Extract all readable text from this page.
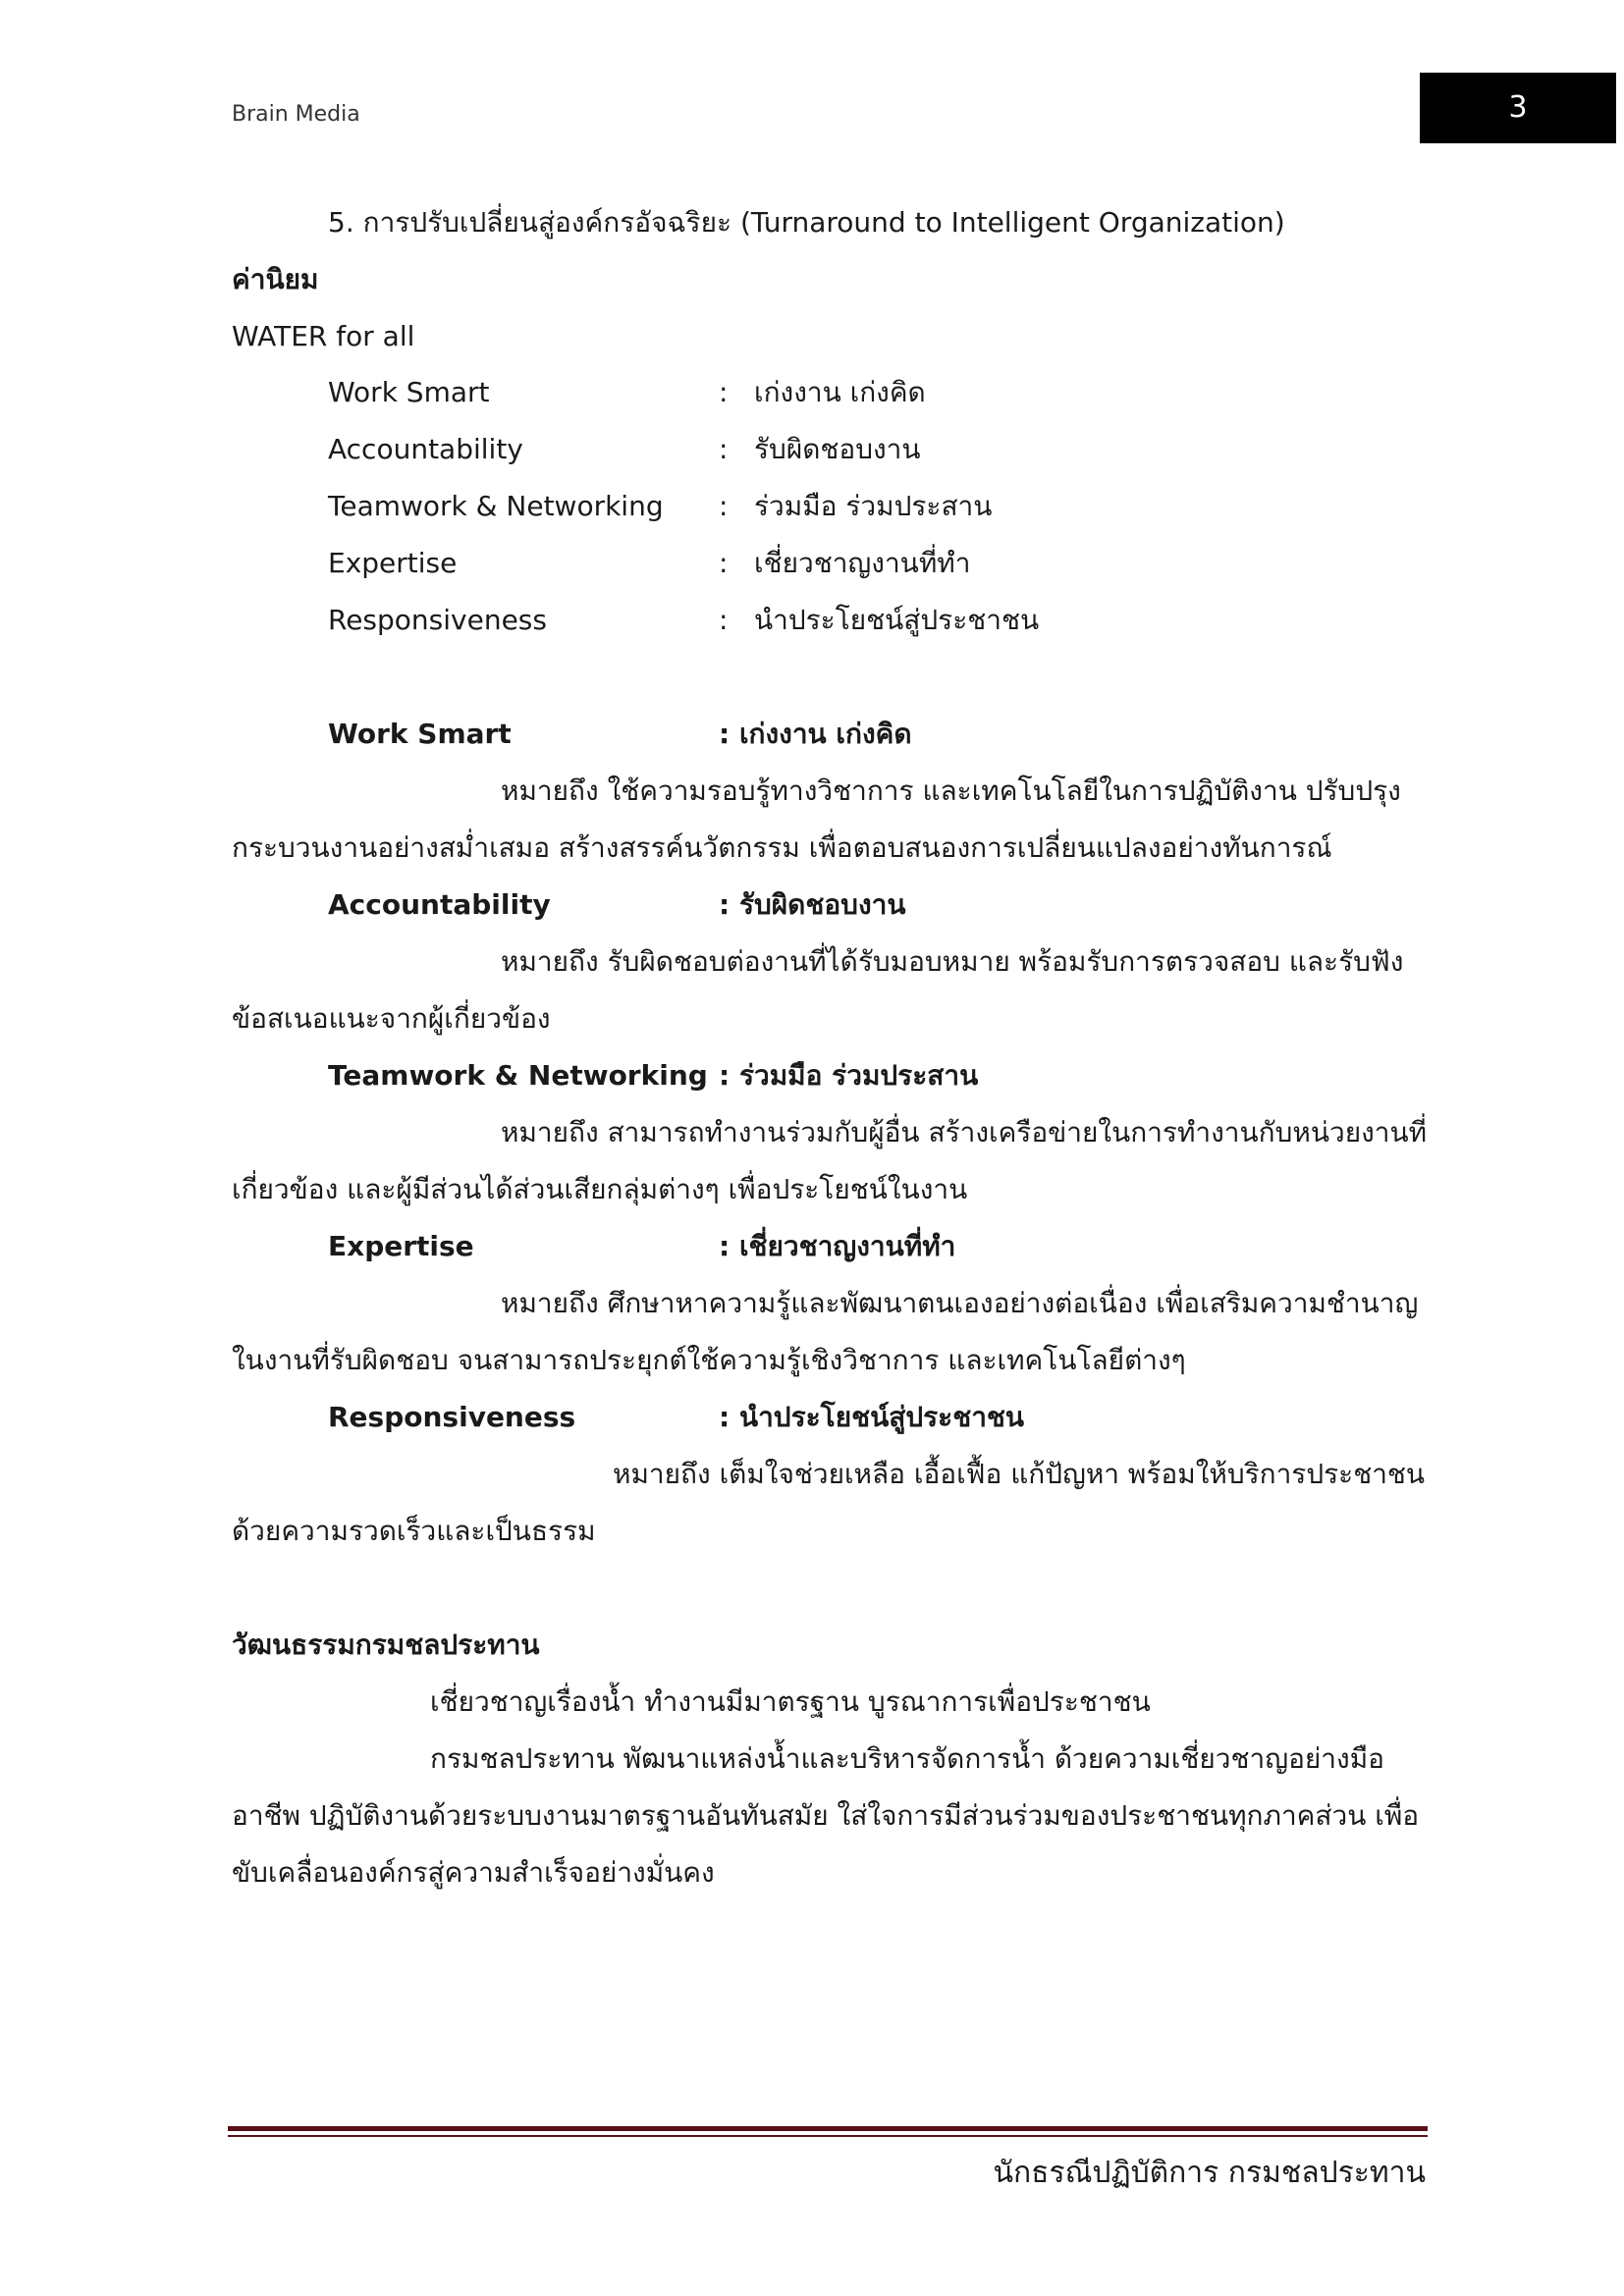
Brain Media	3
5. การปรับเปลี่ยนสู่องค์กรอัจฉริยะ (Turnaround to Intelligent Organization)
ค่านิยม
WATER for all
Work Smart	: เก่งงาน เก่งคิด
Accountability	: รับผิดชอบงาน
Teamwork & Networking : ร่วมมือ ร่วมประสาน
Expertise	: เชี่ยวชาญงานที่ทำ
Responsiveness	: นำประโยชน์สู่ประชาชน
Work Smart	: เก่งงาน เก่งคิด
หมายถึง ใช้ความรอบรู้ทางวิชาการ และเทคโนโลยีในการปฏิบัติงาน ปรับปรุง
กระบวนงานอย่างสม่ำเสมอ สร้างสรรค์นวัตกรรม เพื่อตอบสนองการเปลี่ยนแปลงอย่างทันการณ์
Accountability	: รับผิดชอบงาน
หมายถึง รับผิดชอบต่องานที่ได้รับมอบหมาย พร้อมรับการตรวจสอบ และรับฟัง
ข้อสเนอแนะจากผู้เกี่ยวข้อง
Teamwork & Networking : ร่วมมือ ร่วมประสาน
หมายถึง สามารถทำงานร่วมกับผู้อื่น สร้างเครือข่ายในการทำงานกับหน่วยงานที่
เกี่ยวข้อง และผู้มีส่วนได้ส่วนเสียกลุ่มต่างๆ เพื่อประโยชน์ในงาน
Expertise	: เชี่ยวชาญงานที่ทำ
หมายถึง ศึกษาหาความรู้และพัฒนาตนเองอย่างต่อเนื่อง เพื่อเสริมความชำนาญ
ในงานที่รับผิดชอบ จนสามารถประยุกต์ใช้ความรู้เชิงวิชาการ และเทคโนโลยีต่างๆ
Responsiveness	: นำประโยชน์สู่ประชาชน
หมายถึง เต็มใจช่วยเหลือ เอื้อเฟื้อ แก้ปัญหา พร้อมให้บริการประชาชน
ด้วยความรวดเร็วและเป็นธรรม
วัฒนธรรมกรมชลประทาน
เชี่ยวชาญเรื่องน้ำ ทำงานมีมาตรฐาน บูรณาการเพื่อประชาชน
กรมชลประทาน พัฒนาแหล่งน้ำและบริหารจัดการน้ำ ด้วยความเชี่ยวชาญอย่างมือ
อาชีพ ปฏิบัติงานด้วยระบบงานมาตรฐานอันทันสมัย ใส่ใจการมีส่วนร่วมของประชาชนทุกภาคส่วน เพื่อ
ขับเคลื่อนองค์กรสู่ความสำเร็จอย่างมั่นคง
นักธรณีปฏิบัติการ กรมชลประทาน
